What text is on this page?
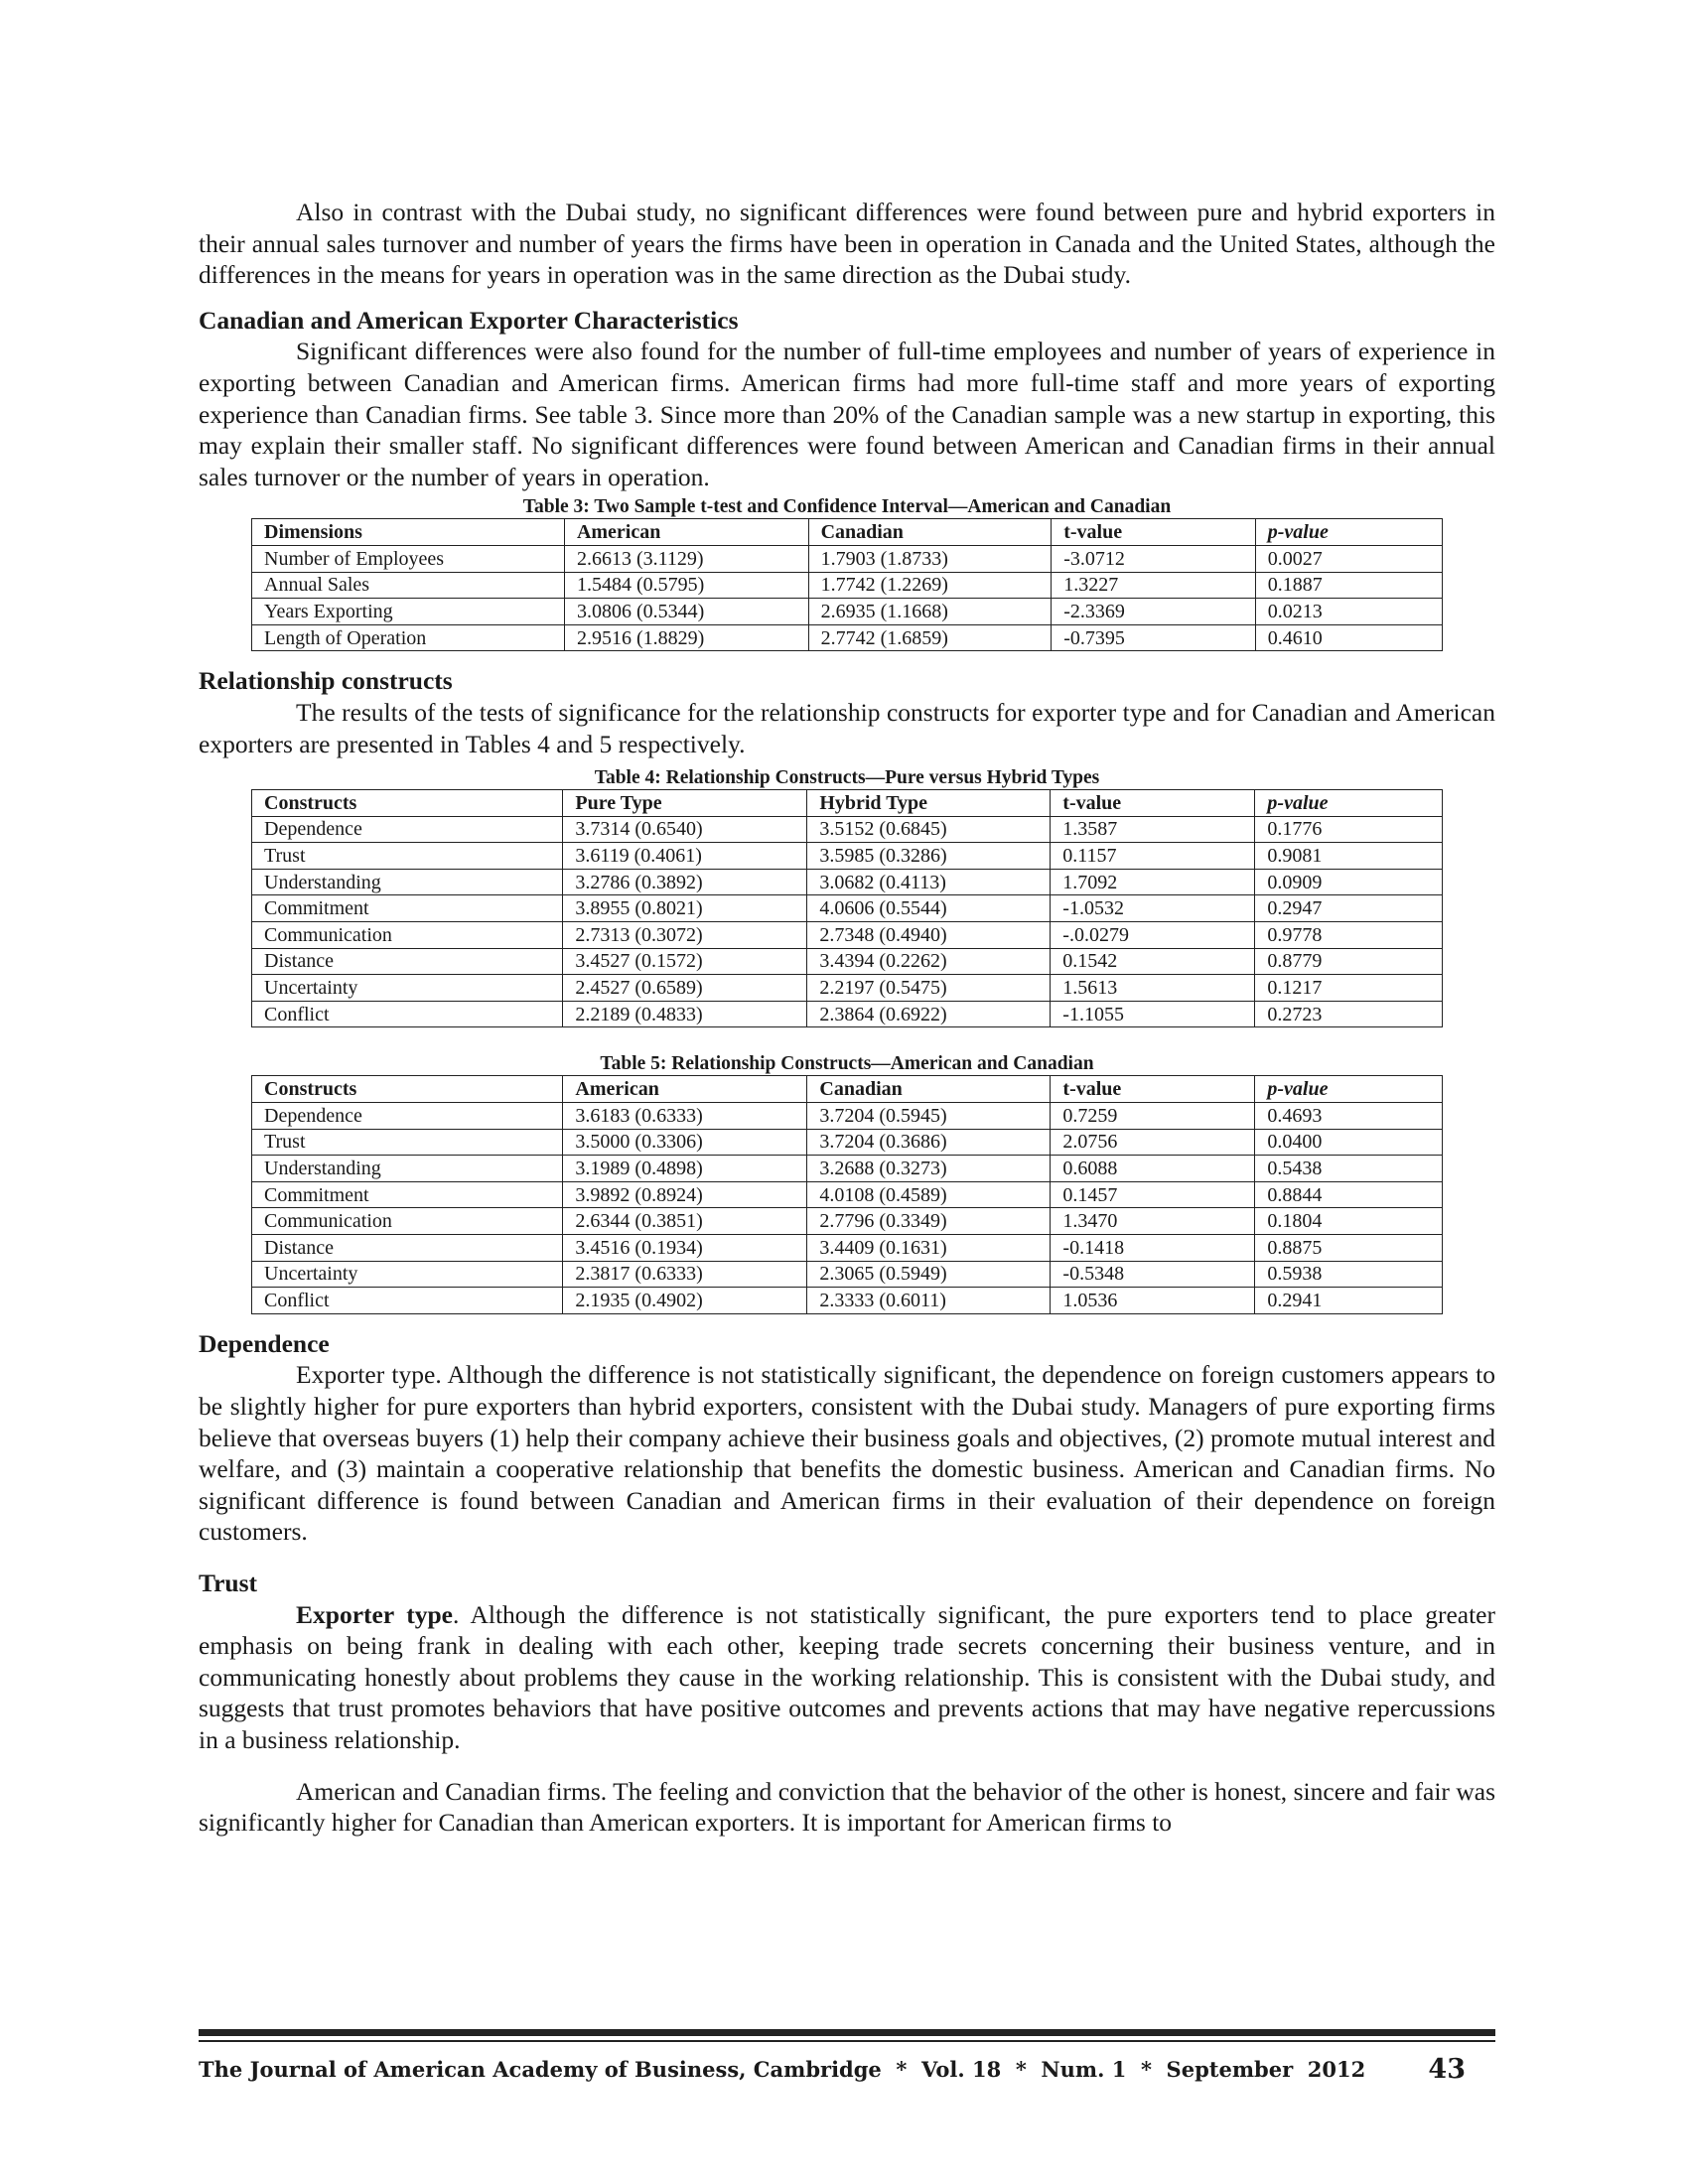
Also in contrast with the Dubai study, no significant differences were found between pure and hybrid exporters in their annual sales turnover and number of years the firms have been in operation in Canada and the United States, although the differences in the means for years in operation was in the same direction as the Dubai study.

Canadian and American Exporter Characteristics

Significant differences were also found for the number of full-time employees and number of years of experience in exporting between Canadian and American firms. American firms had more full-time staff and more years of exporting experience than Canadian firms. See table 3. Since more than 20% of the Canadian sample was a new startup in exporting, this may explain their smaller staff. No significant differences were found between American and Canadian firms in their annual sales turnover or the number of years in operation.

Table 3: Two Sample t-test and Confidence Interval—American and Canadian
Dimensions	American	Canadian	t-value	p-value
Number of Employees	2.6613 (3.1129)	1.7903 (1.8733)	-3.0712	0.0027
Annual Sales	1.5484 (0.5795)	1.7742 (1.2269)	1.3227	0.1887
Years Exporting	3.0806 (0.5344)	2.6935 (1.1668)	-2.3369	0.0213
Length of Operation	2.9516 (1.8829)	2.7742 (1.6859)	-0.7395	0.4610
Relationship constructs

The results of the tests of significance for the relationship constructs for exporter type and for Canadian and American exporters are presented in Tables 4 and 5 respectively.

Table 4: Relationship Constructs—Pure versus Hybrid Types
Constructs	Pure Type	Hybrid Type	t-value	p-value
Dependence	3.7314 (0.6540)	3.5152 (0.6845)	1.3587	0.1776
Trust	3.6119 (0.4061)	3.5985 (0.3286)	0.1157	0.9081
Understanding	3.2786 (0.3892)	3.0682 (0.4113)	1.7092	0.0909
Commitment	3.8955 (0.8021)	4.0606 (0.5544)	-1.0532	0.2947
Communication	2.7313 (0.3072)	2.7348 (0.4940)	-.0.0279	0.9778
Distance	3.4527 (0.1572)	3.4394 (0.2262)	0.1542	0.8779
Uncertainty	2.4527 (0.6589)	2.2197 (0.5475)	1.5613	0.1217
Conflict	2.2189 (0.4833)	2.3864 (0.6922)	-1.1055	0.2723
Table 5: Relationship Constructs—American and Canadian
Constructs	American	Canadian	t-value	p-value
Dependence	3.6183 (0.6333)	3.7204 (0.5945)	0.7259	0.4693
Trust	3.5000 (0.3306)	3.7204 (0.3686)	2.0756	0.0400
Understanding	3.1989 (0.4898)	3.2688 (0.3273)	0.6088	0.5438
Commitment	3.9892 (0.8924)	4.0108 (0.4589)	0.1457	0.8844
Communication	2.6344 (0.3851)	2.7796 (0.3349)	1.3470	0.1804
Distance	3.4516 (0.1934)	3.4409 (0.1631)	-0.1418	0.8875
Uncertainty	2.3817 (0.6333)	2.3065 (0.5949)	-0.5348	0.5938
Conflict	2.1935 (0.4902)	2.3333 (0.6011)	1.0536	0.2941
Dependence

Exporter type. Although the difference is not statistically significant, the dependence on foreign customers appears to be slightly higher for pure exporters than hybrid exporters, consistent with the Dubai study. Managers of pure exporting firms believe that overseas buyers (1) help their company achieve their business goals and objectives, (2) promote mutual interest and welfare, and (3) maintain a cooperative relationship that benefits the domestic business. American and Canadian firms. No significant difference is found between Canadian and American firms in their evaluation of their dependence on foreign customers.

Trust

Exporter type. Although the difference is not statistically significant, the pure exporters tend to place greater emphasis on being frank in dealing with each other, keeping trade secrets concerning their business venture, and in communicating honestly about problems they cause in the working relationship. This is consistent with the Dubai study, and suggests that trust promotes behaviors that have positive outcomes and prevents actions that may have negative repercussions in a business relationship.

American and Canadian firms. The feeling and conviction that the behavior of the other is honest, sincere and fair was significantly higher for Canadian than American exporters. It is important for American firms to

The Journal of American Academy of Business, Cambridge  *  Vol. 18  *  Num. 1  *  September  2012 43
